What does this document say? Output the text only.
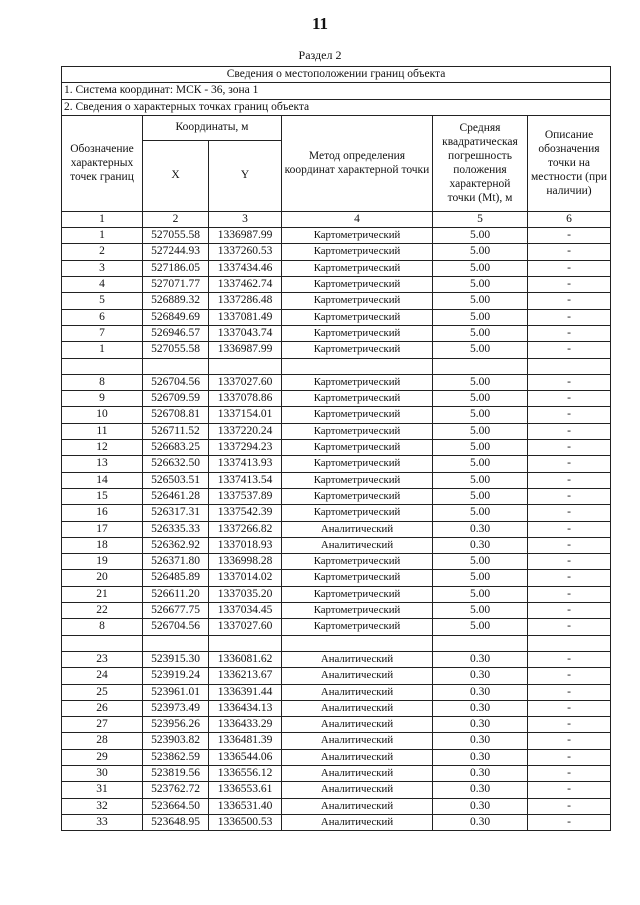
11
Раздел 2
Сведения о местоположении границ объекта					
1. Система координат: МСК - 36, зона 1					
2. Сведения о характерных точках границ объекта					
Обозначение характерных точек границ	Координаты, м		Метод определения координат характерной точки	Средняя квадратическая погрешность положения характерной точки (Mt), м	Описание обозначения точки на местности (при наличии)
	X	Y			
1	2	3	4	5	6
1	527055.58	1336987.99	Картометрический	5.00	-
2	527244.93	1337260.53	Картометрический	5.00	-
3	527186.05	1337434.46	Картометрический	5.00	-
4	527071.77	1337462.74	Картометрический	5.00	-
5	526889.32	1337286.48	Картометрический	5.00	-
6	526849.69	1337081.49	Картометрический	5.00	-
7	526946.57	1337043.74	Картометрический	5.00	-
1	527055.58	1336987.99	Картометрический	5.00	-

8	526704.56	1337027.60	Картометрический	5.00	-
9	526709.59	1337078.86	Картометрический	5.00	-
10	526708.81	1337154.01	Картометрический	5.00	-
11	526711.52	1337220.24	Картометрический	5.00	-
12	526683.25	1337294.23	Картометрический	5.00	-
13	526632.50	1337413.93	Картометрический	5.00	-
14	526503.51	1337413.54	Картометрический	5.00	-
15	526461.28	1337537.89	Картометрический	5.00	-
16	526317.31	1337542.39	Картометрический	5.00	-
17	526335.33	1337266.82	Аналитический	0.30	-
18	526362.92	1337018.93	Аналитический	0.30	-
19	526371.80	1336998.28	Картометрический	5.00	-
20	526485.89	1337014.02	Картометрический	5.00	-
21	526611.20	1337035.20	Картометрический	5.00	-
22	526677.75	1337034.45	Картометрический	5.00	-
8	526704.56	1337027.60	Картометрический	5.00	-

23	523915.30	1336081.62	Аналитический	0.30	-
24	523919.24	1336213.67	Аналитический	0.30	-
25	523961.01	1336391.44	Аналитический	0.30	-
26	523973.49	1336434.13	Аналитический	0.30	-
27	523956.26	1336433.29	Аналитический	0.30	-
28	523903.82	1336481.39	Аналитический	0.30	-
29	523862.59	1336544.06	Аналитический	0.30	-
30	523819.56	1336556.12	Аналитический	0.30	-
31	523762.72	1336553.61	Аналитический	0.30	-
32	523664.50	1336531.40	Аналитический	0.30	-
33	523648.95	1336500.53	Аналитический	0.30	-
